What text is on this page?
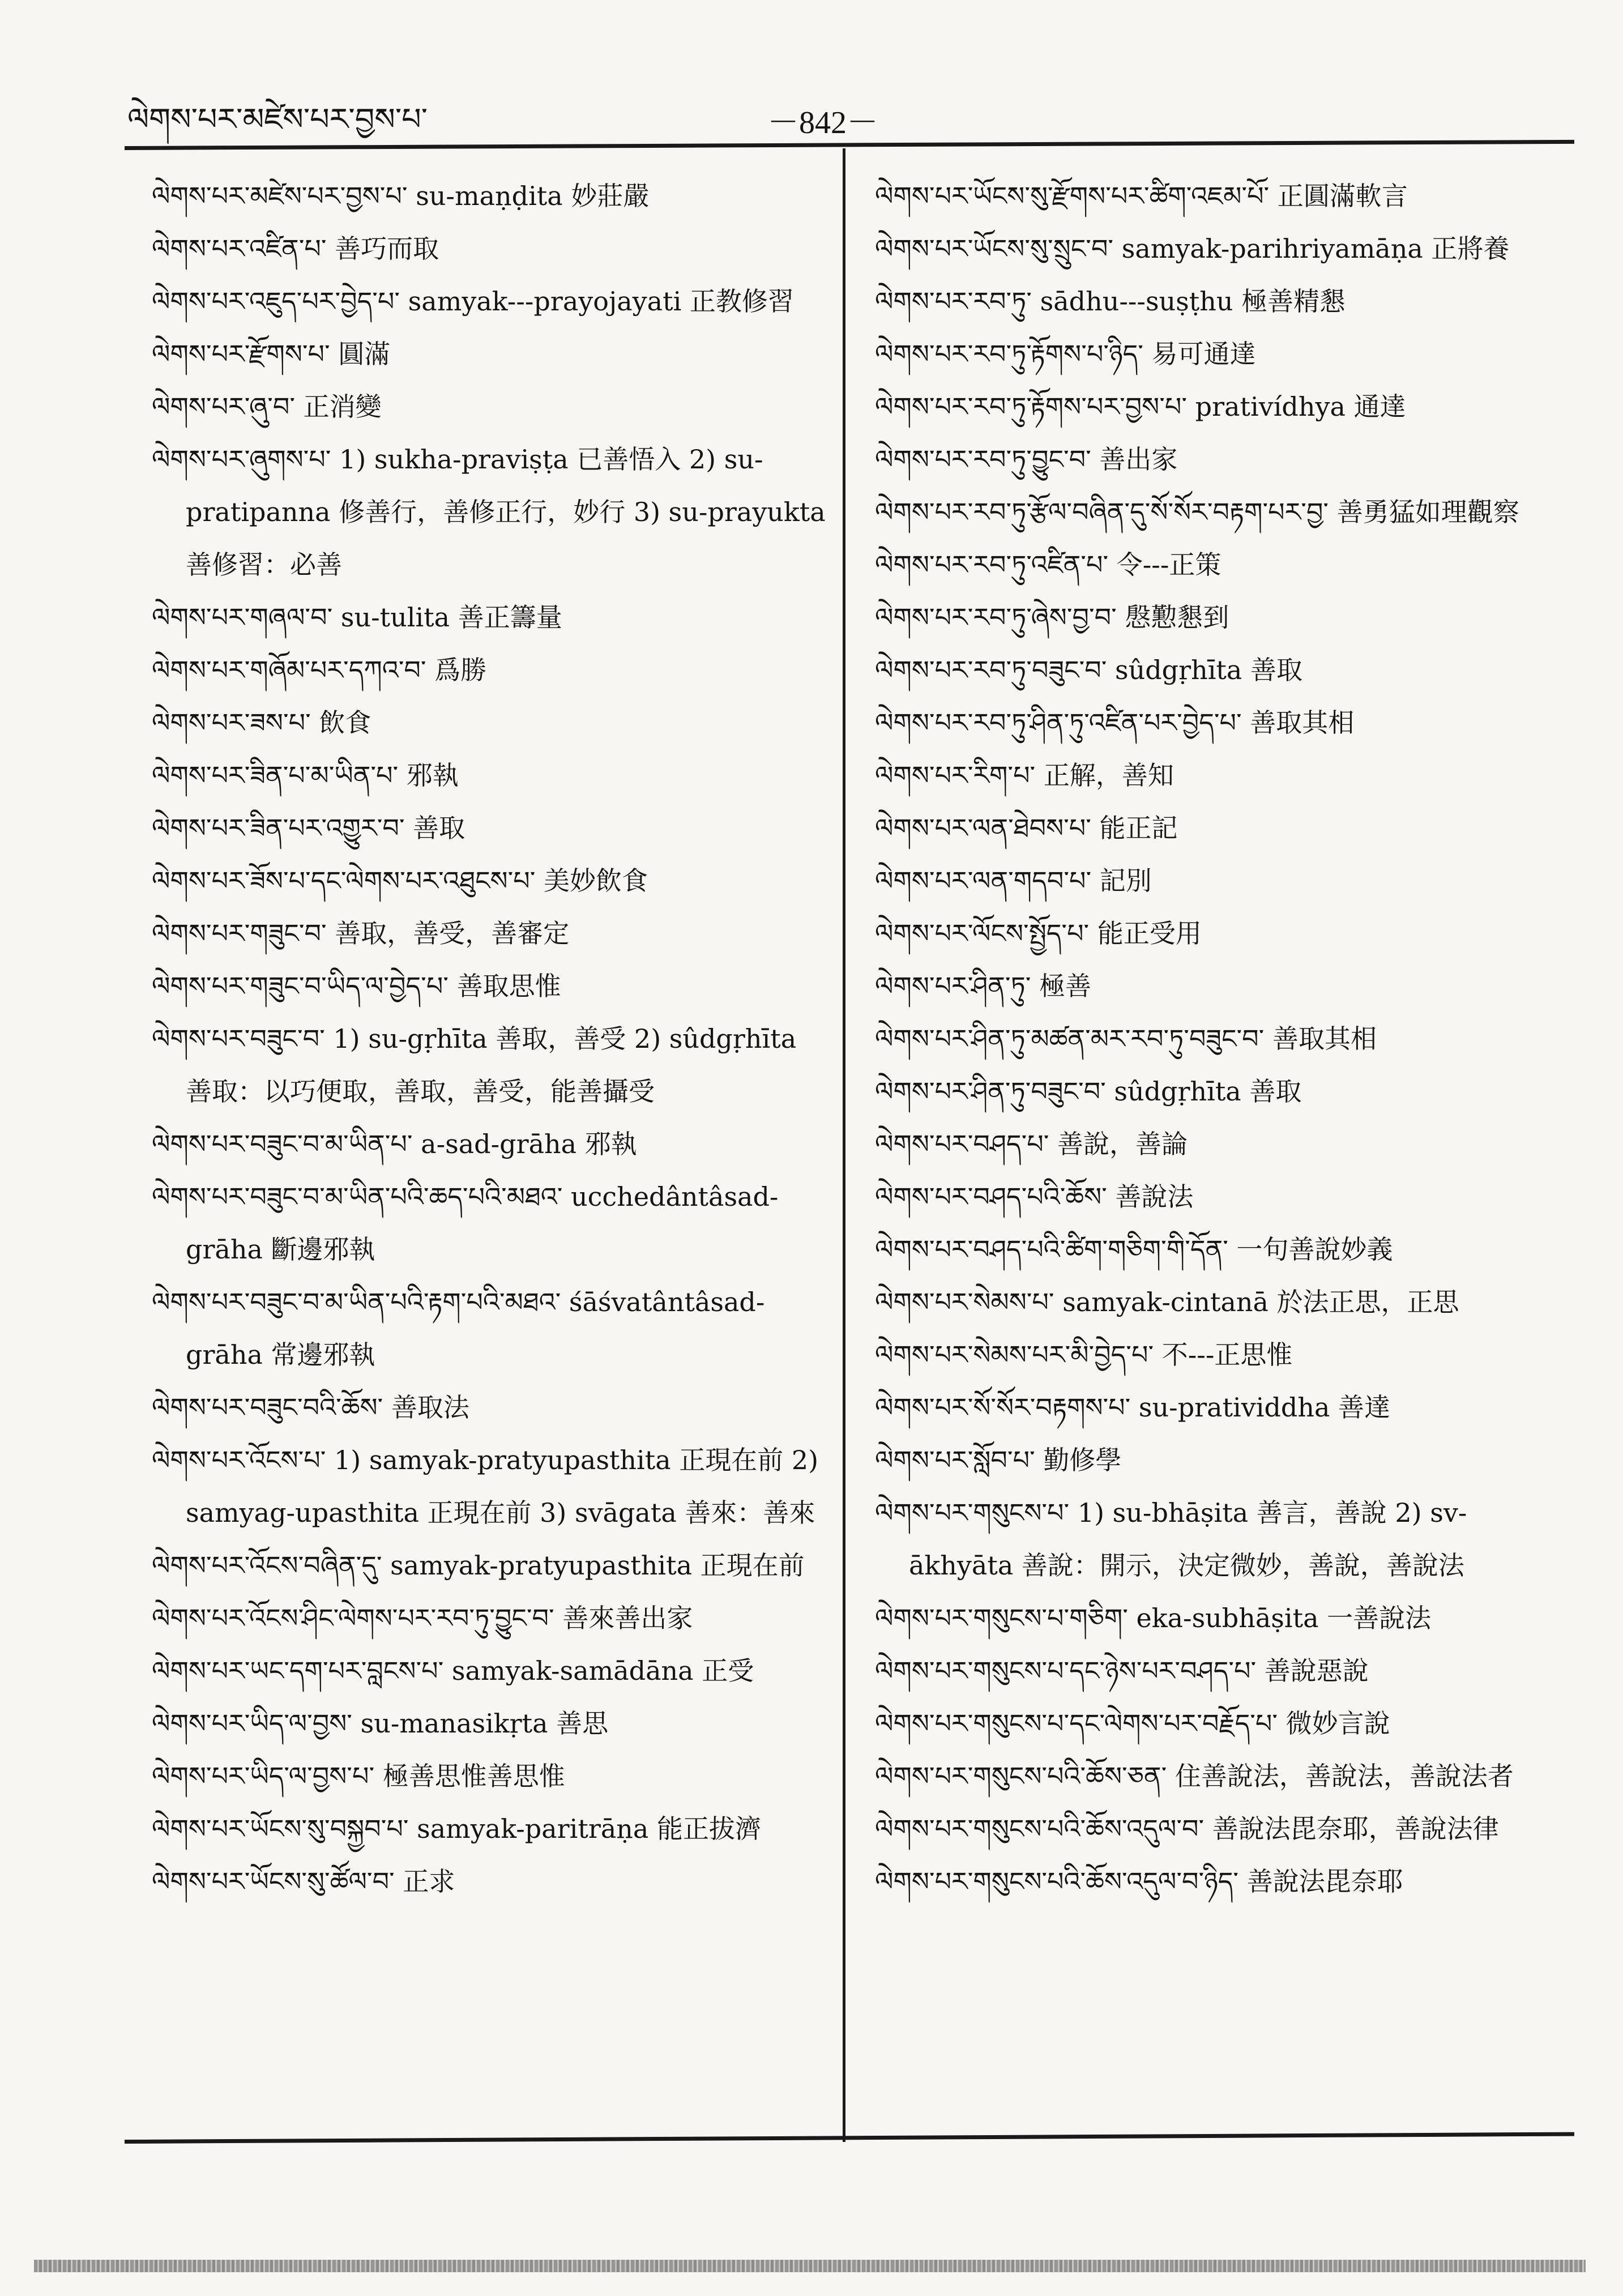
ལེགས་པར་མཛེས་པར་བྱས་པ་	－842－
ལེགས་པར་མཛེས་པར་བྱས་པ་ su-maṇḍita 妙莊嚴
ལེགས་པར་འཛིན་པ་ 善巧而取
ལེགས་པར་འཇུད་པར་བྱེད་པ་ samyak---prayojayati 正教修習
ལེགས་པར་རྫོགས་པ་ 圓滿
ལེགས་པར་ཞུ་བ་ 正消變
ལེགས་པར་ཞུགས་པ་ 1) sukha-praviṣṭa 已善悟入 2) su-pratipanna 修善行，善修正行，妙行 3) su-prayukta 善修習：必善
ལེགས་པར་གཞལ་བ་ su-tulita 善正籌量
ལེགས་པར་གཞོམ་པར་དཀའ་བ་ 爲勝
ལེགས་པར་ཟས་པ་ 飲食
ལེགས་པར་ཟིན་པ་མ་ཡིན་པ་ 邪執
ལེགས་པར་ཟིན་པར་འགྱུར་བ་ 善取
ལེགས་པར་ཟོས་པ་དང་ལེགས་པར་འཐུངས་པ་ 美妙飲食
ལེགས་པར་གཟུང་བ་ 善取，善受，善審定
ལེགས་པར་གཟུང་བ་ཡིད་ལ་བྱེད་པ་ 善取思惟
ལེགས་པར་བཟུང་བ་ 1) su-gṛhīta 善取，善受 2) sûdgṛhīta 善取：以巧便取，善取，善受，能善攝受
ལེགས་པར་བཟུང་བ་མ་ཡིན་པ་ a-sad-grāha 邪執
ལེགས་པར་བཟུང་བ་མ་ཡིན་པའི་ཆད་པའི་མཐའ་ ucchedântâsad-grāha 斷邊邪執
ལེགས་པར་བཟུང་བ་མ་ཡིན་པའི་རྟག་པའི་མཐའ་ śāśvatântâsad-grāha 常邊邪執
ལེགས་པར་བཟུང་བའི་ཆོས་ 善取法
ལེགས་པར་འོངས་པ་ 1) samyak-pratyupasthita 正現在前 2) samyag-upasthita 正現在前 3) svāgata 善來：善來
ལེགས་པར་འོངས་བཞིན་དུ་ samyak-pratyupasthita 正現在前
ལེགས་པར་འོངས་ཤིང་ལེགས་པར་རབ་ཏུ་བྱུང་བ་ 善來善出家
ལེགས་པར་ཡང་དག་པར་བླངས་པ་ samyak-samādāna 正受
ལེགས་པར་ཡིད་ལ་བྱས་ su-manasikṛta 善思
ལེགས་པར་ཡིད་ལ་བྱས་པ་ 極善思惟善思惟
ལེགས་པར་ཡོངས་སུ་བསྐྱབ་པ་ samyak-paritrāṇa 能正拔濟
ལེགས་པར་ཡོངས་སུ་ཚོལ་བ་ 正求
ལེགས་པར་ཡོངས་སུ་རྫོགས་པར་ཚིག་འཇམ་པོ་ 正圓滿軟言
ལེགས་པར་ཡོངས་སུ་སྲུང་བ་ samyak-parihriyamāṇa 正將養
ལེགས་པར་རབ་ཏུ་ sādhu---suṣṭhu 極善精懇
ལེགས་པར་རབ་ཏུ་རྟོགས་པ་ཉིད་ 易可通達
ལེགས་པར་རབ་ཏུ་རྟོགས་པར་བྱས་པ་ prativídhya 通達
ལེགས་པར་རབ་ཏུ་བྱུང་བ་ 善出家
ལེགས་པར་རབ་ཏུ་རྩོལ་བཞིན་དུ་སོ་སོར་བརྟག་པར་བྱ་ 善勇猛如理觀察
ལེགས་པར་རབ་ཏུ་འཛིན་པ་ 令---正策
ལེགས་པར་རབ་ཏུ་ཞེས་བྱ་བ་ 慇懃懇到
ལེགས་པར་རབ་ཏུ་བཟུང་བ་ sûdgṛhīta 善取
ལེགས་པར་རབ་ཏུ་ཤིན་ཏུ་འཛིན་པར་བྱེད་པ་ 善取其相
ལེགས་པར་རིག་པ་ 正解，善知
ལེགས་པར་ལན་ཐེབས་པ་ 能正記
ལེགས་པར་ལན་གདབ་པ་ 記別
ལེགས་པར་ལོངས་སྤྱོད་པ་ 能正受用
ལེགས་པར་ཤིན་ཏུ་ 極善
ལེགས་པར་ཤིན་ཏུ་མཚན་མར་རབ་ཏུ་བཟུང་བ་ 善取其相
ལེགས་པར་ཤིན་ཏུ་བཟུང་བ་ sûdgṛhīta 善取
ལེགས་པར་བཤད་པ་ 善說，善論
ལེགས་པར་བཤད་པའི་ཆོས་ 善說法
ལེགས་པར་བཤད་པའི་ཚིག་གཅིག་གི་དོན་ 一句善說妙義
ལེགས་པར་སེམས་པ་ samyak-cintanā 於法正思，正思
ལེགས་པར་སེམས་པར་མི་བྱེད་པ་ 不---正思惟
ལེགས་པར་སོ་སོར་བརྟགས་པ་ su-pratividdha 善達
ལེགས་པར་སློབ་པ་ 勤修學
ལེགས་པར་གསུངས་པ་ 1) su-bhāṣita 善言，善說 2) sv-ākhyāta 善說：開示，決定微妙，善說，善說法
ལེགས་པར་གསུངས་པ་གཅིག་ eka-subhāṣita 一善說法
ལེགས་པར་གསུངས་པ་དང་ཉེས་པར་བཤད་པ་ 善說惡說
ལེགས་པར་གསུངས་པ་དང་ལེགས་པར་བརྗོད་པ་ 微妙言說
ལེགས་པར་གསུངས་པའི་ཆོས་ཅན་ 住善說法，善說法，善說法者
ལེགས་པར་གསུངས་པའི་ཆོས་འདུལ་བ་ 善說法毘奈耶，善說法律
ལེགས་པར་གསུངས་པའི་ཆོས་འདུལ་བ་ཉིད་ 善說法毘奈耶
